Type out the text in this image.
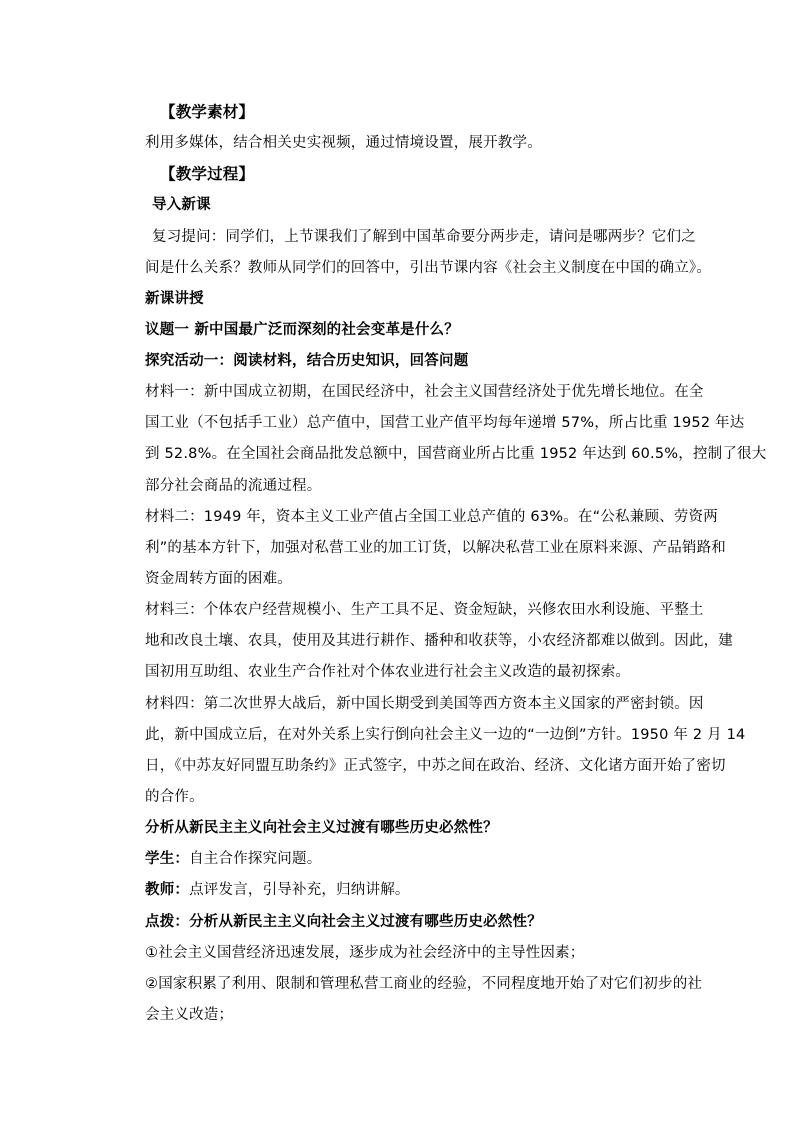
【教学素材】
利用多媒体，结合相关史实视频，通过情境设置，展开教学。
【教学过程】
导入新课
复习提问：同学们，上节课我们了解到中国革命要分两步走，请问是哪两步？它们之
间是什么关系？教师从同学们的回答中，引出节课内容《社会主义制度在中国的确立》。
新课讲授
议题一 新中国最广泛而深刻的社会变革是什么？
探究活动一：阅读材料，结合历史知识，回答问题
材料一：新中国成立初期，在国民经济中，社会主义国营经济处于优先增长地位。在全
国工业（不包括手工业）总产值中，国营工业产值平均每年递增 57%，所占比重 1952 年达
到 52.8%。在全国社会商品批发总额中，国营商业所占比重 1952 年达到 60.5%，控制了很大
部分社会商品的流通过程。
材料二：1949 年，资本主义工业产值占全国工业总产值的 63%。在“公私兼顾、劳资两
利”的基本方针下，加强对私营工业的加工订货，以解决私营工业在原料来源、产品销路和
资金周转方面的困难。
材料三：个体农户经营规模小、生产工具不足、资金短缺，兴修农田水利设施、平整土
地和改良土壤、农具，使用及其进行耕作、播种和收获等，小农经济都难以做到。因此，建
国初用互助组、农业生产合作社对个体农业进行社会主义改造的最初探索。
材料四：第二次世界大战后，新中国长期受到美国等西方资本主义国家的严密封锁。因
此，新中国成立后，在对外关系上实行倒向社会主义一边的“一边倒”方针。1950 年 2 月 14
日，《中苏友好同盟互助条约》正式签字，中苏之间在政治、经济、文化诸方面开始了密切
的合作。
分析从新民主主义向社会主义过渡有哪些历史必然性？
学生：自主合作探究问题。
教师：点评发言，引导补充，归纳讲解。
点拨：分析从新民主主义向社会主义过渡有哪些历史必然性？
①社会主义国营经济迅速发展，逐步成为社会经济中的主导性因素；
②国家积累了利用、限制和管理私营工商业的经验，不同程度地开始了对它们初步的社
会主义改造；
